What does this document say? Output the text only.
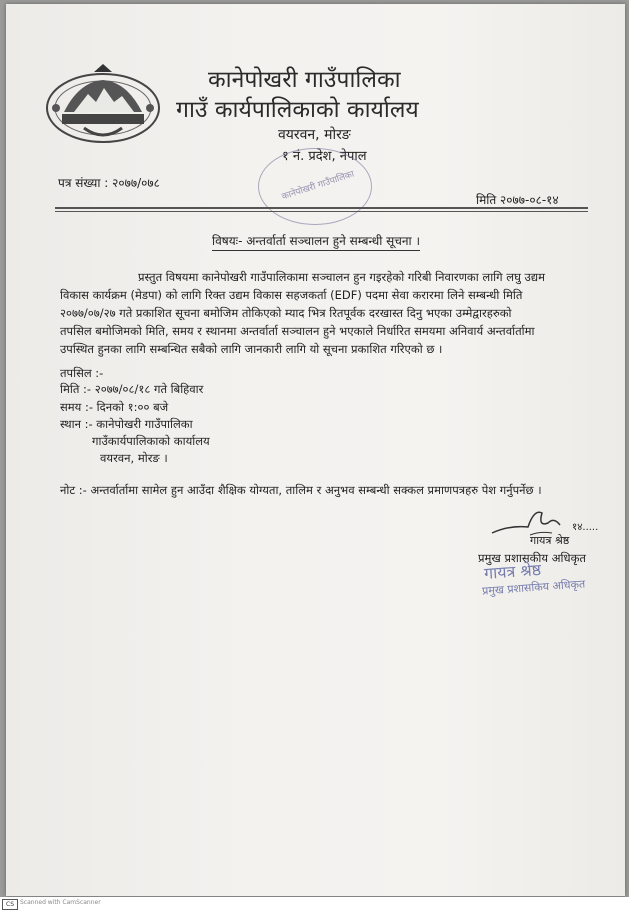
कानेपोखरी गाउँपालिका
गाउँ कार्यपालिकाको कार्यालय
वयरवन, मोरङ
१ नं. प्रदेश, नेपाल
कानेपोखरी गाउँपालिका
पत्र संख्या : २०७७/०७८
मिति २०७७-०८-१४
विषयः- अन्तर्वार्ता सञ्चालन हुने सम्बन्धी सूचना ।
प्रस्तुत विषयमा कानेपोखरी गाउँपालिकामा सञ्चालन हुन गइरहेको गरिबी निवारणका लागि लघु उद्यम
विकास कार्यक्रम (मेडपा) को लागि रिक्त उद्यम विकास सहजकर्ता (EDF) पदमा सेवा करारमा लिने सम्बन्धी मिति
२०७७/०७/२७ गते प्रकाशित सूचना बमोजिम तोकिएको म्याद भित्र रितपूर्वक दरखास्त दिनु भएका उम्मेद्वारहरुको
तपसिल बमोजिमको मिति, समय र स्थानमा अन्तर्वार्ता सञ्चालन हुने भएकाले निर्धारित समयमा अनिवार्य अन्तर्वार्तामा
उपस्थित हुनका लागि सम्बन्धित सबैको लागि जानकारी लागि यो सूचना प्रकाशित गरिएको छ ।
तपसिल :-
मिति :- २०७७/०८/१८ गते बिहिवार
समय :- दिनको १:०० बजे
स्थान :- कानेपोखरी गाउँपालिका
गाउँकार्यपालिकाको कार्यालय
वयरवन, मोरङ ।
नोट :- अन्तर्वार्तामा सामेल हुन आउँदा शैक्षिक योग्यता, तालिम र अनुभव सम्बन्धी सक्कल प्रमाणपत्रहरु पेश गर्नुपर्नेछ ।
१४.....
गायत्र श्रेष्ठ
प्रमुख प्रशासकीय अधिकृत
गायत्र श्रेष्ठ
प्रमुख प्रशासकिय अधिकृत
CS	Scanned with CamScanner
